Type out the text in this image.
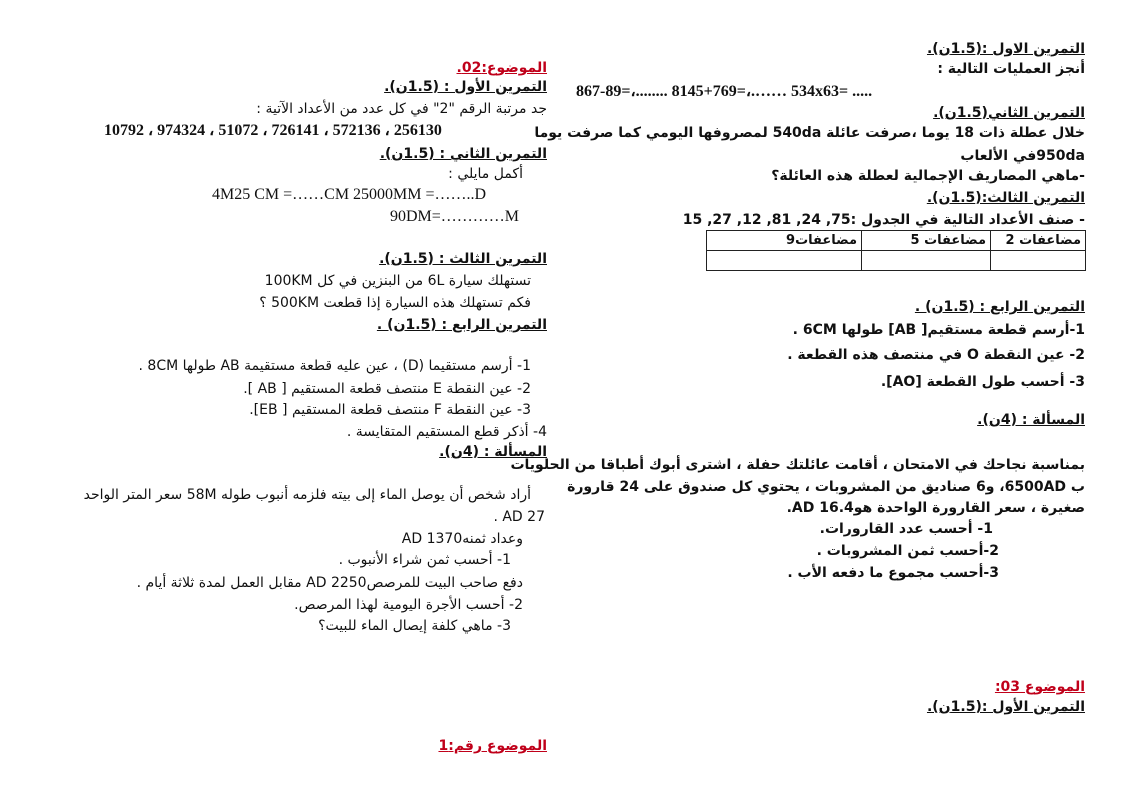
التمرين الاول :(1.5ن).
أنجز العمليات التالية :
867-89=،........ 8145+769=،.…… 534x63= .....
التمرين الثاني(1.5ن).
خلال عطلة ذات 18 يوما ،صرفت عائلة 540da لمصروفها اليومي كما صرفت يوما
950daفي الألعاب
-ماهي المصاريف الإجمالية لعطلة هذه العائلة؟
التمرين الثالث:(1.5ن).
- صنف الأعداد التالية في الجدول :75, 24, 81, 12, 27, 15
مضاعفات 2	مضاعفات 5	مضاعفات9

التمرين الرابع : (1.5ن) .
1-أرسم قطعة مستقيم[ AB] طولها 6CM .
2- عين النقطة O في منتصف هذه القطعة .
3- أحسب طول القطعة [AO].
المسألة : (4ن).
بمناسبة نجاحك في الامتحان ، أقامت عائلتك حفلة ، اشترى أبوك أطباقا من الحلويات
ب 6500AD، و6 صناديق من المشروبات ، يحتوي كل صندوق على 24 قارورة
صغيرة ، سعر القارورة الواحدة هو16.4 AD.
1- أحسب عدد القارورات.
2-أحسب ثمن المشروبات .
3-أحسب مجموع ما دفعه الأب .
الموضوع 03:
التمرين الأول :(1.5ن).
الموضوع:02.
التمرين الأول : (1.5ن).
جد مرتبة الرقم "2" في كل عدد من الأعداد الآتية :
10792 ، 974324 ، 51072 ، 726141 ، 572136 ، 256130
التمرين الثاني : (1.5ن).
أكمل مايلي :
4M25 CM =……CM 25000MM =……..D
90DM=…………M
التمرين الثالث : (1.5ن).
تستهلك سيارة 6L من البنزين في كل 100KM
فكم تستهلك هذه السيارة إذا قطعت 500KM ؟
التمرين الرابع : (1.5ن) .
1- أرسم مستقيما (D) ، عين عليه قطعة مستقيمة AB طولها 8CM .
2- عين النقطة E منتصف قطعة المستقيم [ AB ].
3- عين النقطة F منتصف قطعة المستقيم [ EB].
4- أذكر قطع المستقيم المتقايسة .
المسألة : (4ن).
أراد شخص أن يوصل الماء إلى بيته فلزمه أنبوب طوله 58M سعر المتر الواحد
27 AD .
وعداد ثمنه1370 AD
1- أحسب ثمن شراء الأنبوب .
دفع صاحب البيت للمرصص2250 AD مقابل العمل لمدة ثلاثة أيام .
2- أحسب الأجرة اليومية لهذا المرصص.
3- ماهي كلفة إيصال الماء للبيت؟
الموضوع رقم:1
